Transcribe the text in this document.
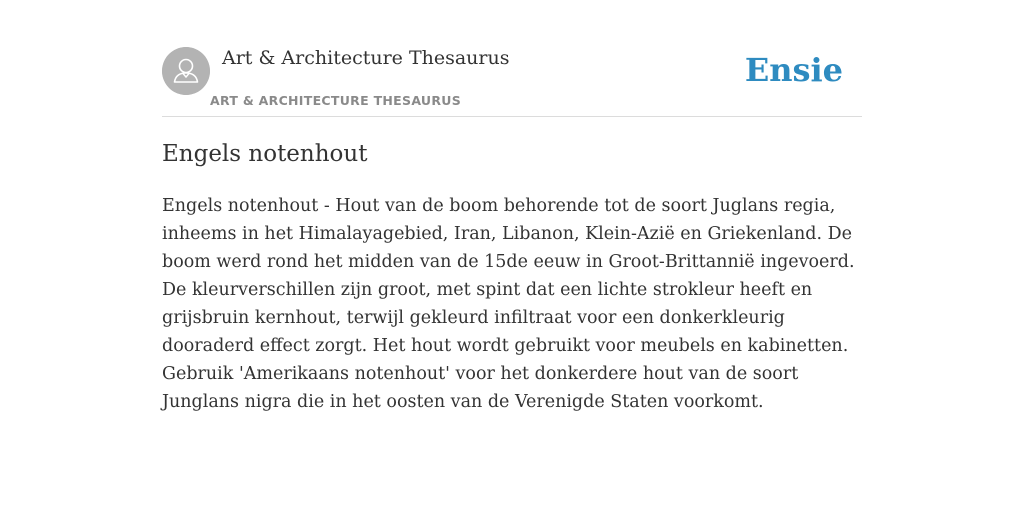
Art & Architecture Thesaurus
ART & ARCHITECTURE THESAURUS
Ensie
Engels notenhout

Engels notenhout - Hout van de boom behorende tot de soort Juglans regia, inheems in het Himalayagebied, Iran, Libanon, Klein-Azië en Griekenland. De boom werd rond het midden van de 15de eeuw in Groot-Brittannië ingevoerd. De kleurverschillen zijn groot, met spint dat een lichte strokleur heeft en grijsbruin kernhout, terwijl gekleurd infiltraat voor een donkerkleurig dooraderd effect zorgt. Het hout wordt gebruikt voor meubels en kabinetten. Gebruik 'Amerikaans notenhout' voor het donkerdere hout van de soort Junglans nigra die in het oosten van de Verenigde Staten voorkomt.
